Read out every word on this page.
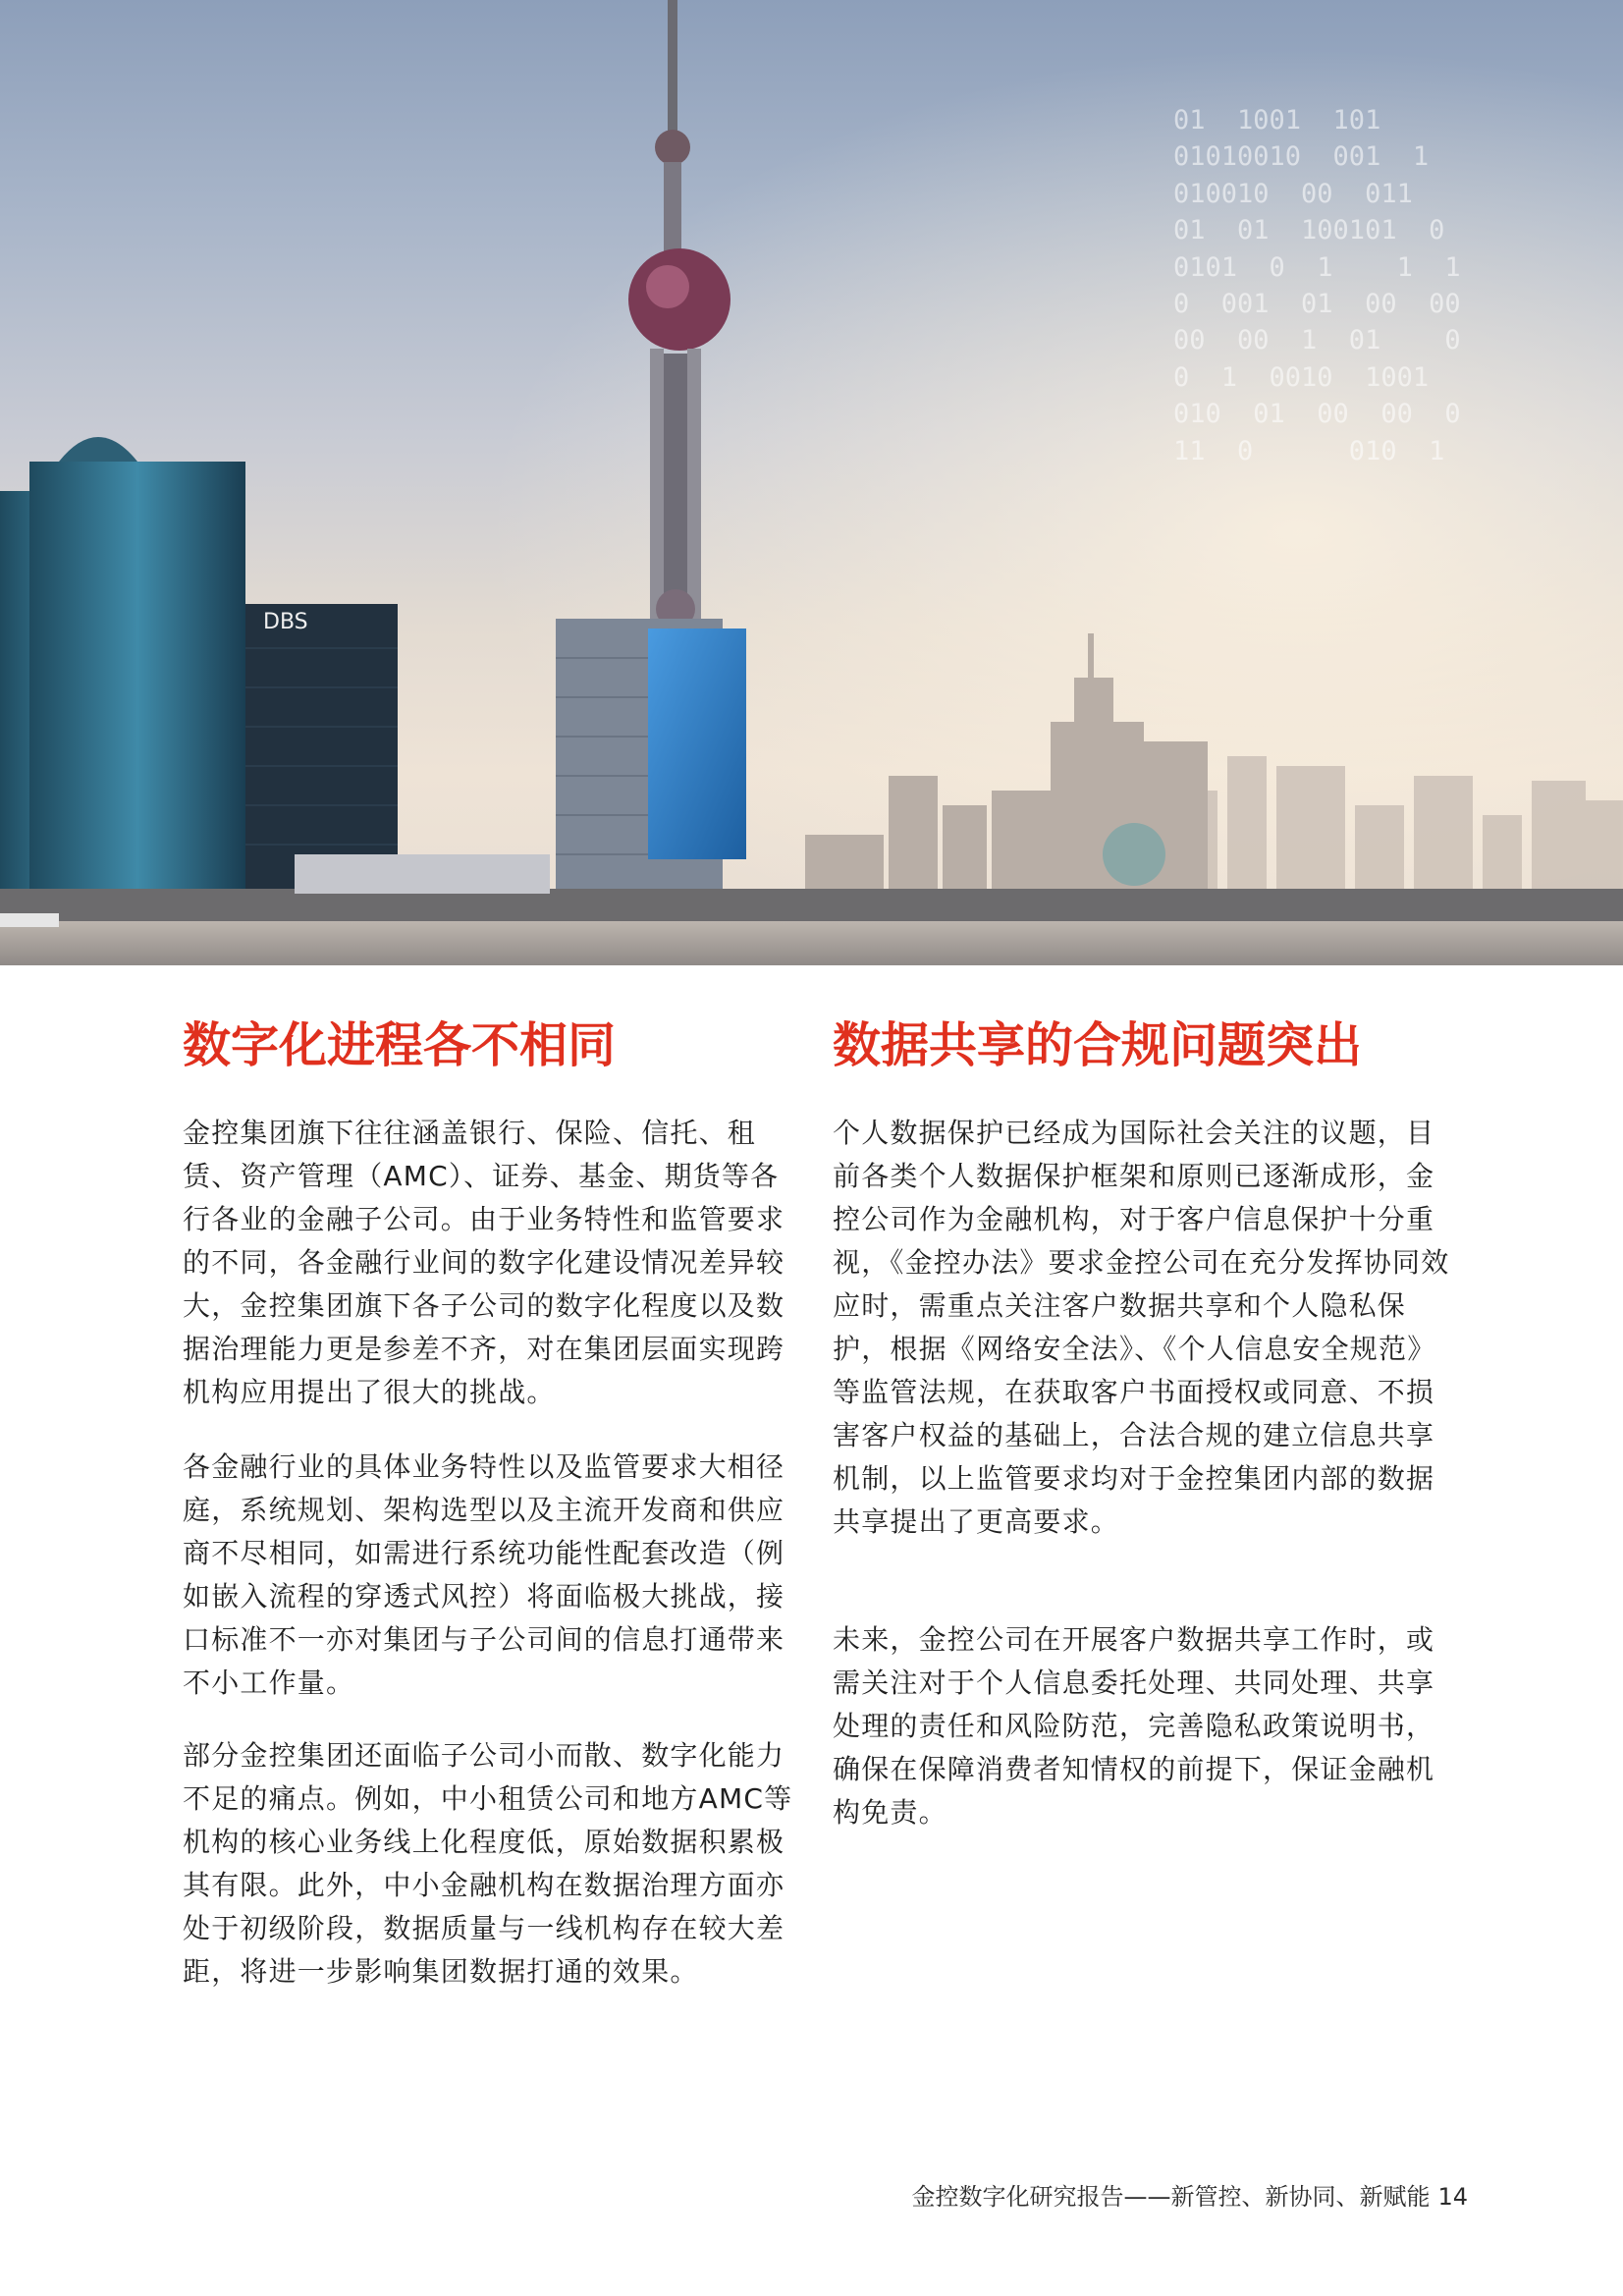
DBS
01  1001  101
01010010  001  1
010010  00  011
01  01  100101  0
0101  0  1    1  1
0  001  01  00  00
00  00  1  01    0
0  1  0010  1001
010  01  00  00  0
11  0      010  1
数字化进程各不相同	数据共享的合规问题突出

金控集团旗下往往涵盖银行、保险、信托、租赁、资产管理（AMC）、证券、基金、期货等各行各业的金融子公司。由于业务特性和监管要求的不同，各金融行业间的数字化建设情况差异较大，金控集团旗下各子公司的数字化程度以及数据治理能力更是参差不齐，对在集团层面实现跨机构应用提出了很大的挑战。

各金融行业的具体业务特性以及监管要求大相径庭，系统规划、架构选型以及主流开发商和供应商不尽相同，如需进行系统功能性配套改造（例如嵌入流程的穿透式风控）将面临极大挑战，接口标准不一亦对集团与子公司间的信息打通带来不小工作量。

部分金控集团还面临子公司小而散、数字化能力不足的痛点。例如，中小租赁公司和地方AMC等机构的核心业务线上化程度低，原始数据积累极其有限。此外，中小金融机构在数据治理方面亦处于初级阶段，数据质量与一线机构存在较大差距，将进一步影响集团数据打通的效果。

个人数据保护已经成为国际社会关注的议题，目前各类个人数据保护框架和原则已逐渐成形，金控公司作为金融机构，对于客户信息保护十分重视，《金控办法》要求金控公司在充分发挥协同效应时，需重点关注客户数据共享和个人隐私保护，根据《网络安全法》、《个人信息安全规范》等监管法规，在获取客户书面授权或同意、不损害客户权益的基础上，合法合规的建立信息共享机制，以上监管要求均对于金控集团内部的数据共享提出了更高要求。

未来，金控公司在开展客户数据共享工作时，或需关注对于个人信息委托处理、共同处理、共享处理的责任和风险防范，完善隐私政策说明书，确保在保障消费者知情权的前提下，保证金融机构免责。

金控数字化研究报告——新管控、新协同、新赋能 14
